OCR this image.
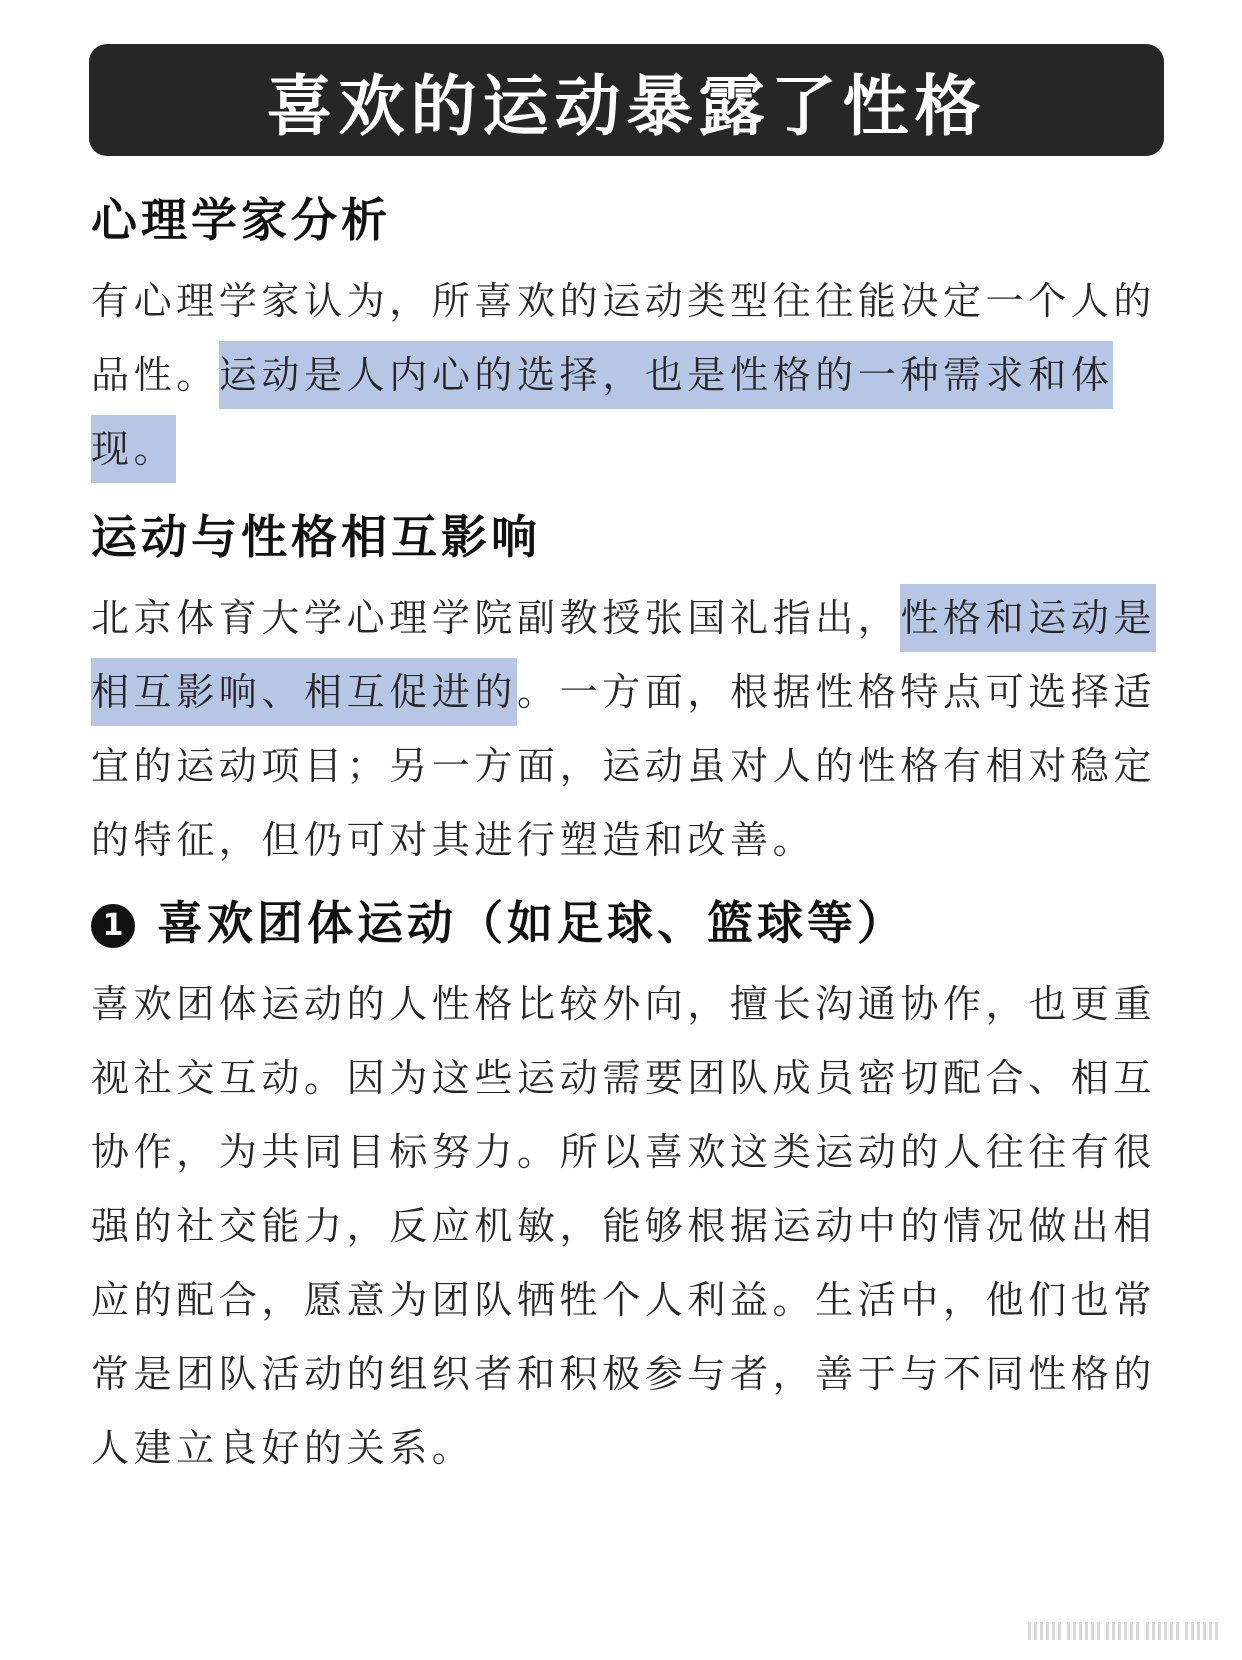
喜欢的运动暴露了性格
心理学家分析

有心理学家认为，所喜欢的运动类型往往能决定一个人的品性。运动是人内心的选择，也是性格的一种需求和体现。

运动与性格相互影响

北京体育大学心理学院副教授张国礼指出，性格和运动是相互影响、相互促进的。一方面，根据性格特点可选择适宜的运动项目；另一方面，运动虽对人的性格有相对稳定的特征，但仍可对其进行塑造和改善。

1 喜欢团体运动（如足球、篮球等）

喜欢团体运动的人性格比较外向，擅长沟通协作，也更重视社交互动。因为这些运动需要团队成员密切配合、相互协作，为共同目标努力。所以喜欢这类运动的人往往有很强的社交能力，反应机敏，能够根据运动中的情况做出相应的配合，愿意为团队牺牲个人利益。生活中，他们也常常是团队活动的组织者和积极参与者，善于与不同性格的人建立良好的关系。
